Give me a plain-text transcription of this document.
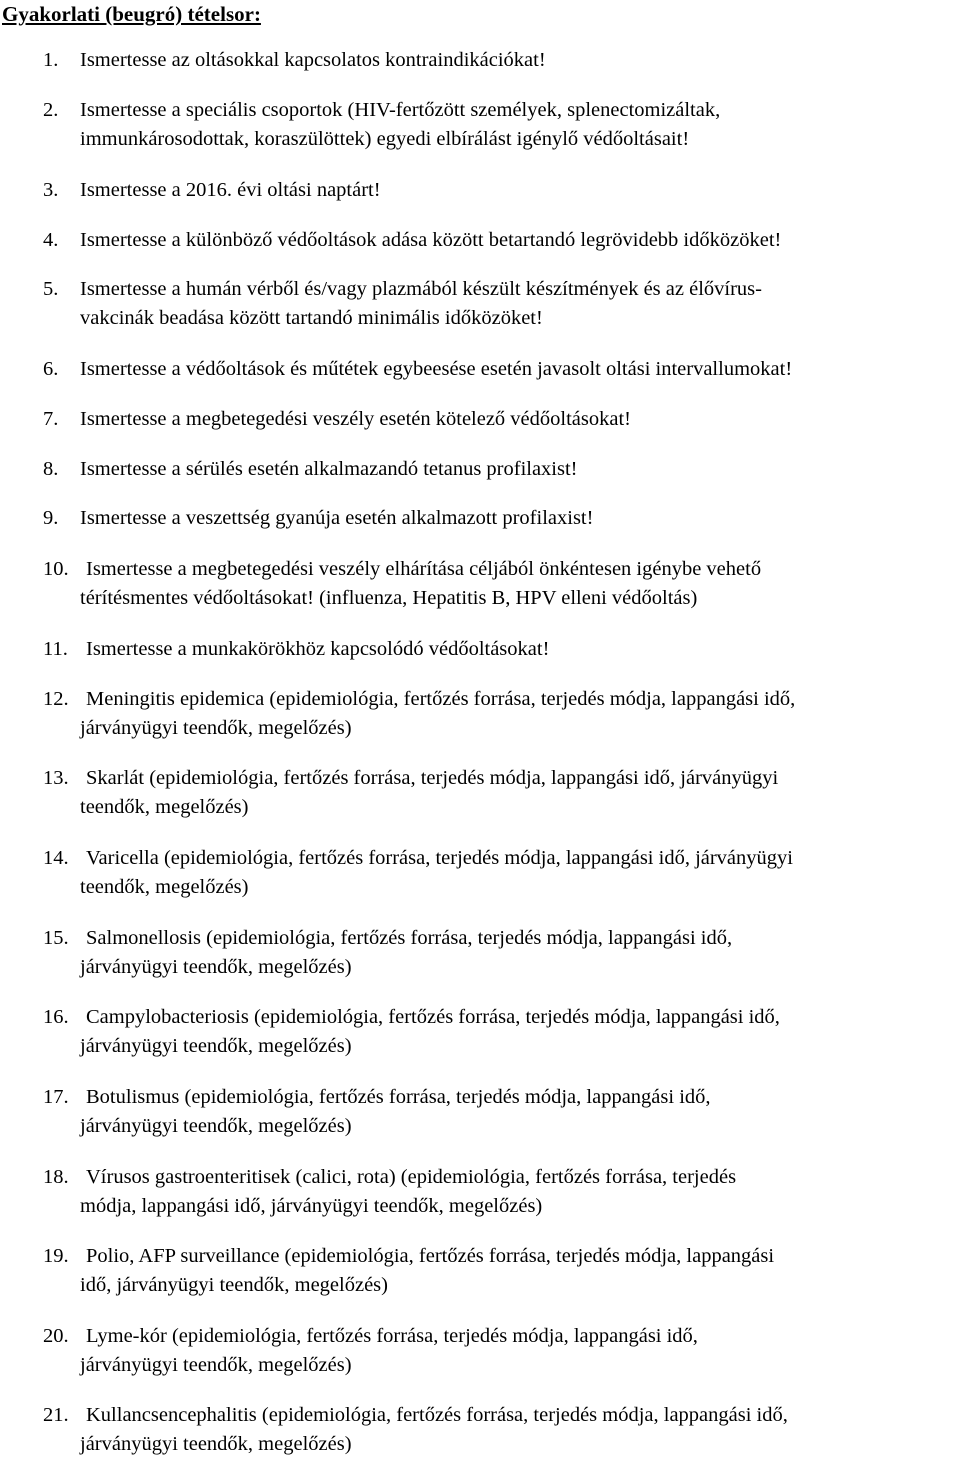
Gyakorlati (beugró) tételsor:
1. Ismertesse az oltásokkal kapcsolatos kontraindikációkat!
2. Ismertesse a speciális csoportok (HIV-fertőzött személyek, splenectomizáltak,
immunkárosodottak, koraszülöttek) egyedi elbírálást igénylő védőoltásait!
3. Ismertesse a 2016. évi oltási naptárt!
4. Ismertesse a különböző védőoltások adása között betartandó legrövidebb időközöket!
5. Ismertesse a humán vérből és/vagy plazmából készült készítmények és az élővírus-
vakcinák beadása között tartandó minimális időközöket!
6. Ismertesse a védőoltások és műtétek egybeesése esetén javasolt oltási intervallumokat!
7. Ismertesse a megbetegedési veszély esetén kötelező védőoltásokat!
8. Ismertesse a sérülés esetén alkalmazandó tetanus profilaxist!
9. Ismertesse a veszettség gyanúja esetén alkalmazott profilaxist!
10. Ismertesse a megbetegedési veszély elhárítása céljából önkéntesen igénybe vehető
térítésmentes védőoltásokat! (influenza, Hepatitis B, HPV elleni védőoltás)
11. Ismertesse a munkakörökhöz kapcsolódó védőoltásokat!
12. Meningitis epidemica (epidemiológia, fertőzés forrása, terjedés módja, lappangási idő,
járványügyi teendők, megelőzés)
13. Skarlát (epidemiológia, fertőzés forrása, terjedés módja, lappangási idő, járványügyi
teendők, megelőzés)
14. Varicella (epidemiológia, fertőzés forrása, terjedés módja, lappangási idő, járványügyi
teendők, megelőzés)
15. Salmonellosis (epidemiológia, fertőzés forrása, terjedés módja, lappangási idő,
járványügyi teendők, megelőzés)
16. Campylobacteriosis (epidemiológia, fertőzés forrása, terjedés módja, lappangási idő,
járványügyi teendők, megelőzés)
17. Botulismus (epidemiológia, fertőzés forrása, terjedés módja, lappangási idő,
járványügyi teendők, megelőzés)
18. Vírusos gastroenteritisek (calici, rota) (epidemiológia, fertőzés forrása, terjedés
módja, lappangási idő, járványügyi teendők, megelőzés)
19. Polio, AFP surveillance (epidemiológia, fertőzés forrása, terjedés módja, lappangási
idő, járványügyi teendők, megelőzés)
20. Lyme-kór (epidemiológia, fertőzés forrása, terjedés módja, lappangási idő,
járványügyi teendők, megelőzés)
21. Kullancsencephalitis (epidemiológia, fertőzés forrása, terjedés módja, lappangási idő,
járványügyi teendők, megelőzés)
